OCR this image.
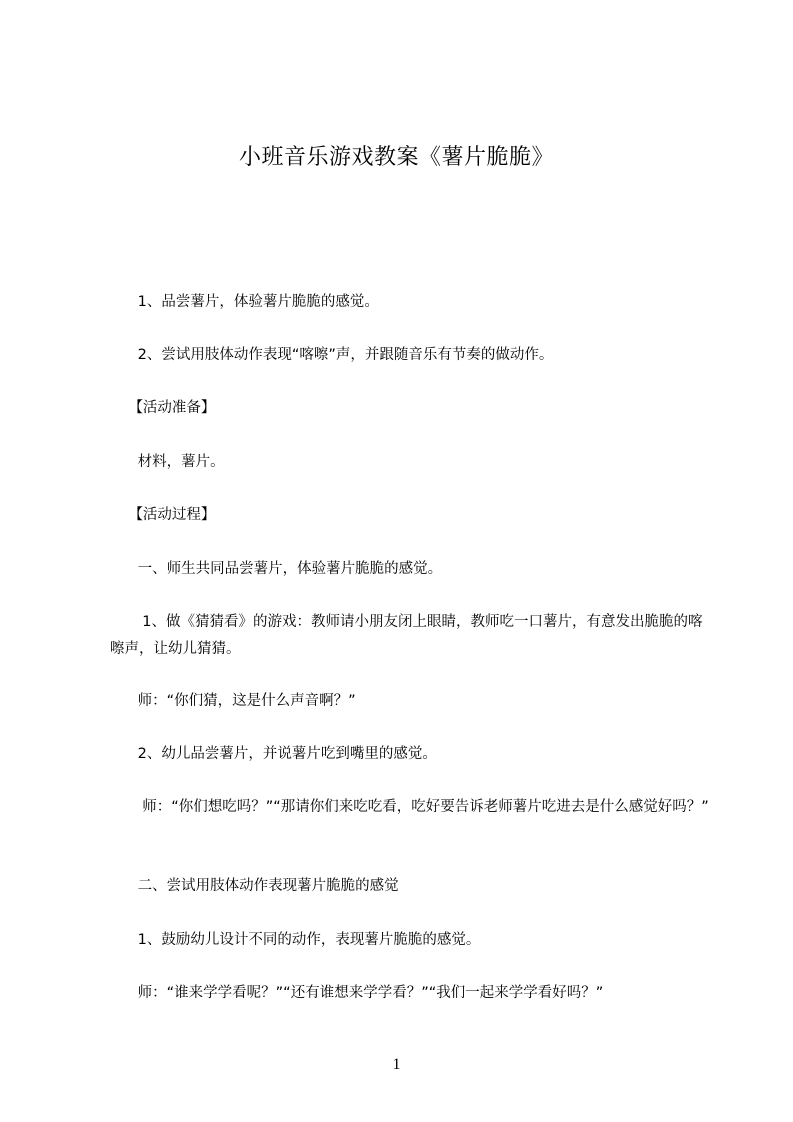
小班音乐游戏教案《薯片脆脆》
1、品尝薯片，体验薯片脆脆的感觉。
2、尝试用肢体动作表现“喀嚓”声，并跟随音乐有节奏的做动作。
【活动准备】
材料，薯片。
【活动过程】
一、师生共同品尝薯片，体验薯片脆脆的感觉。
1、做《猜猜看》的游戏：教师请小朋友闭上眼睛，教师吃一口薯片，有意发出脆脆的喀嚓声，让幼儿猜猜。
师：“你们猜，这是什么声音啊？”
2、幼儿品尝薯片，并说薯片吃到嘴里的感觉。
师：“你们想吃吗？”“那请你们来吃吃看，吃好要告诉老师薯片吃进去是什么感觉好吗？”
二、尝试用肢体动作表现薯片脆脆的感觉
1、鼓励幼儿设计不同的动作，表现薯片脆脆的感觉。
师：“谁来学学看呢？”“还有谁想来学学看？”“我们一起来学学看好吗？”
1
